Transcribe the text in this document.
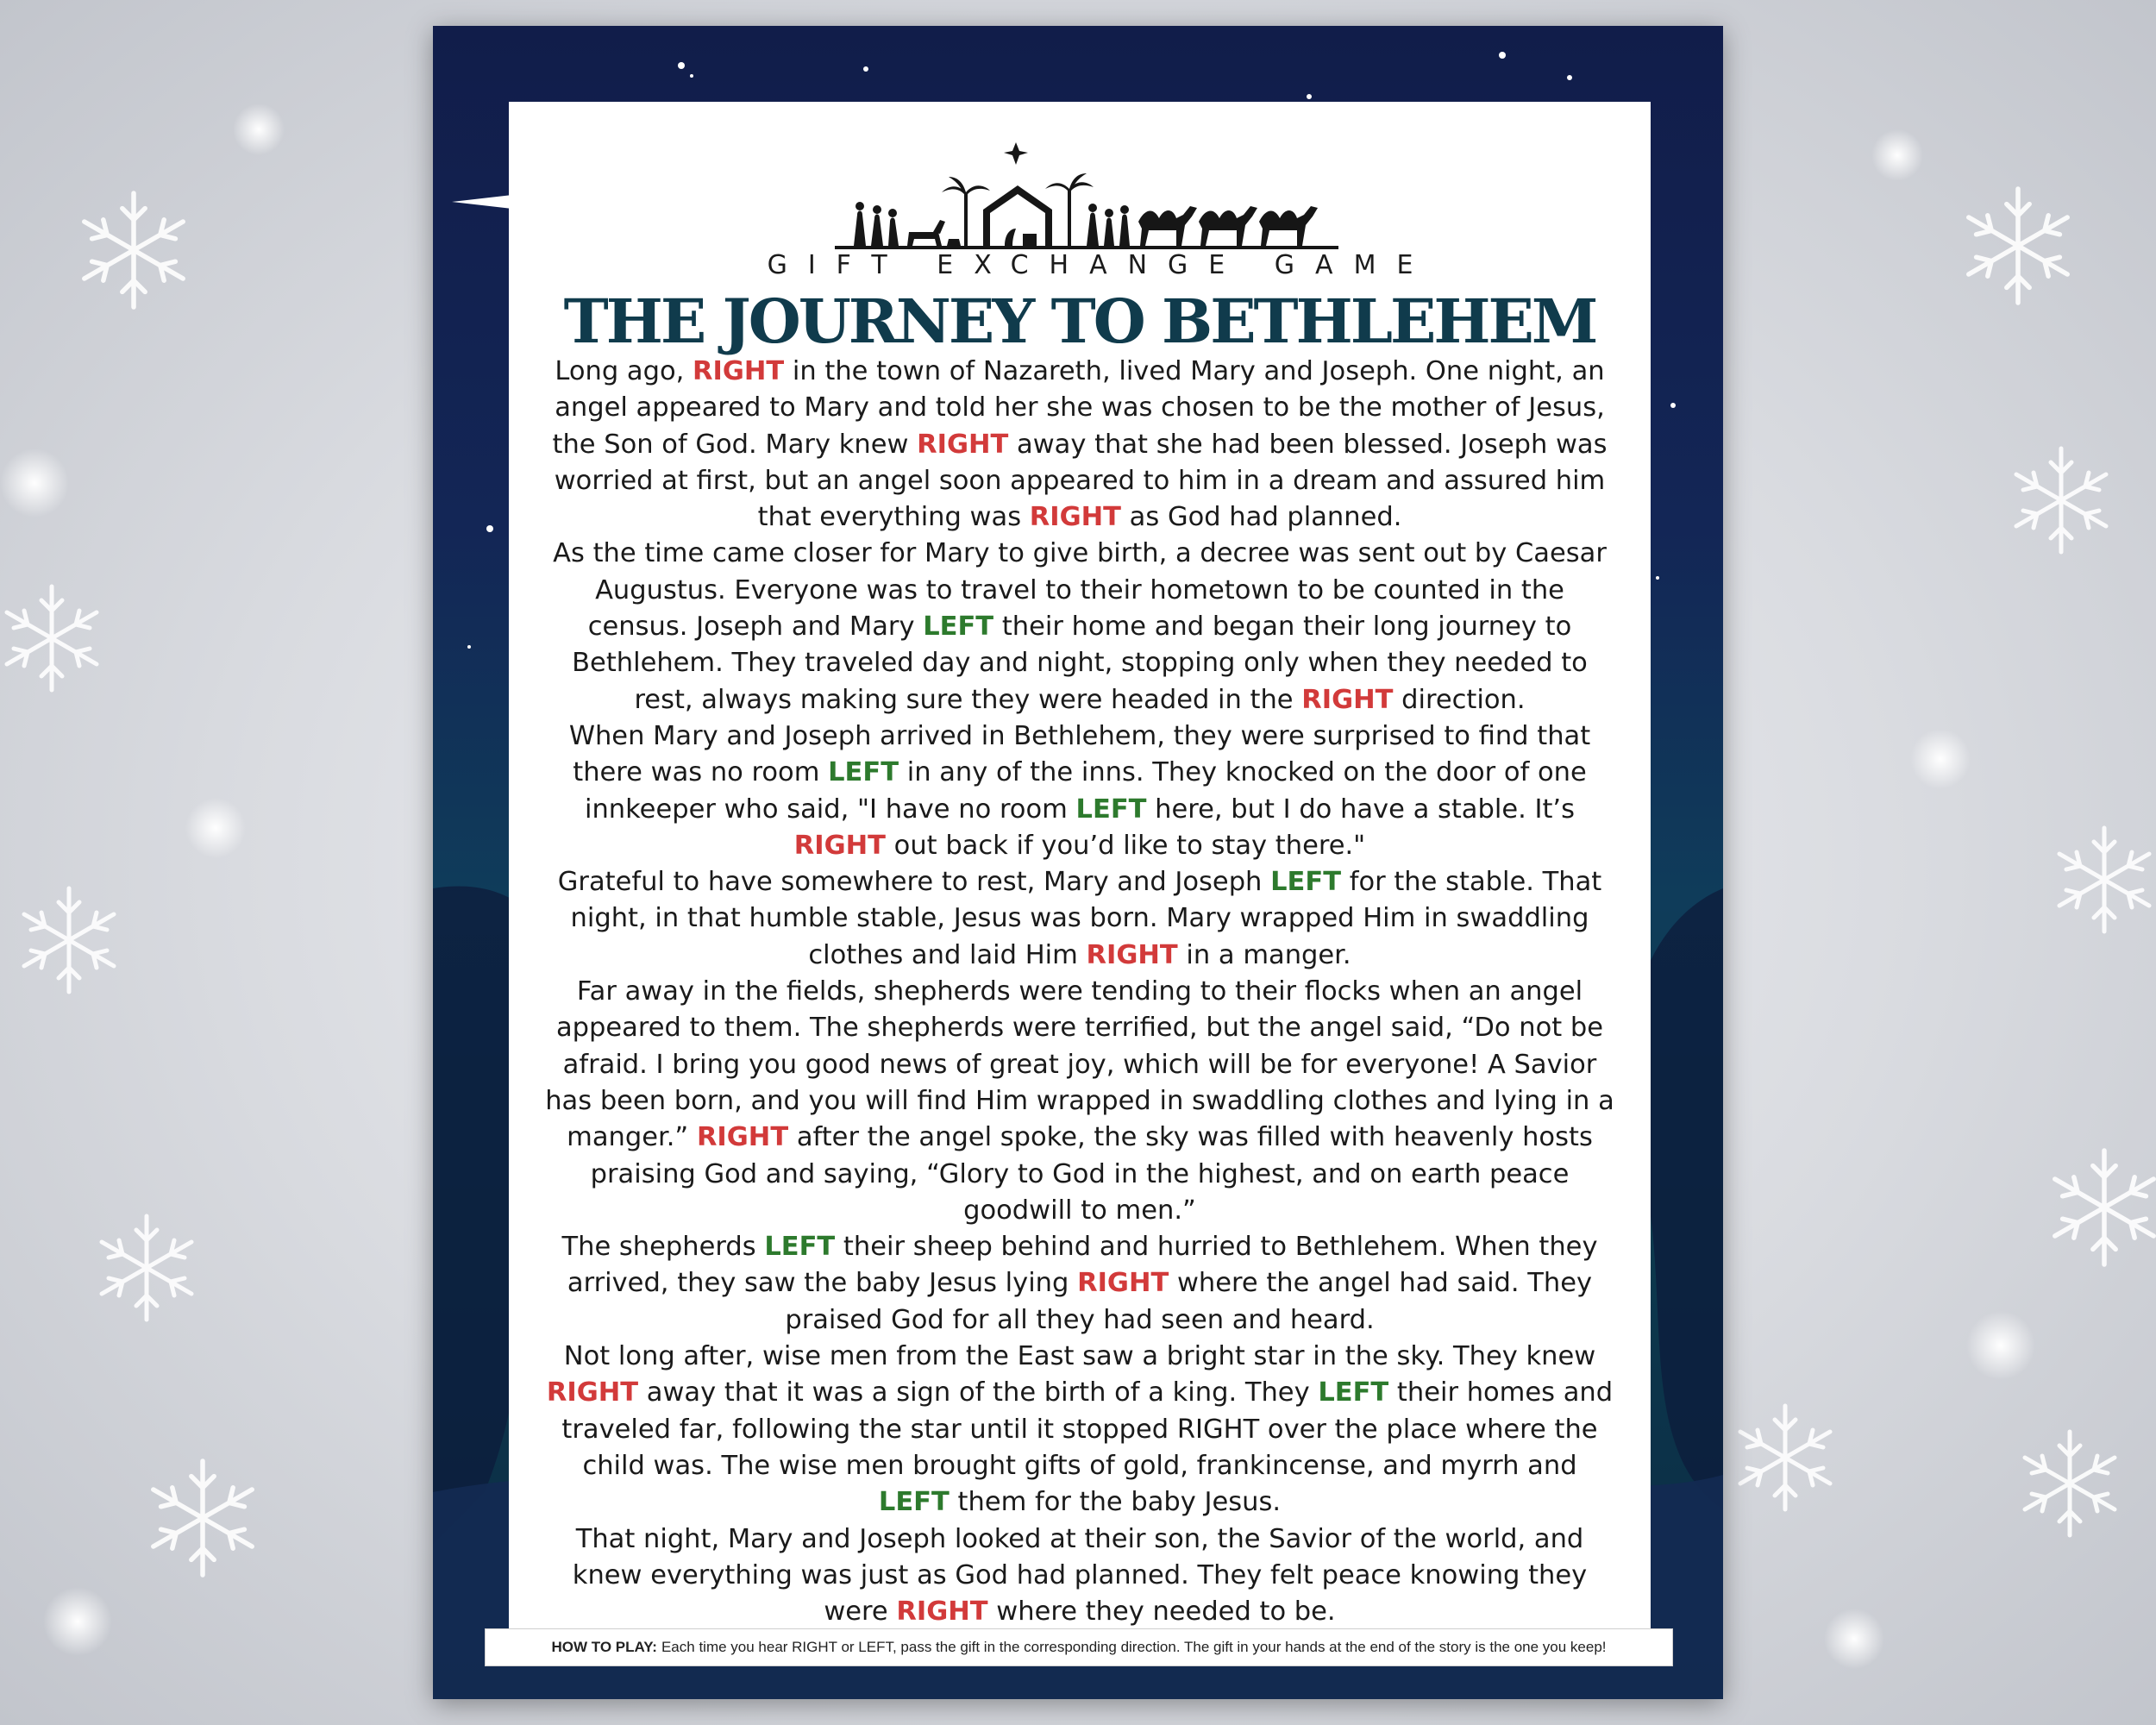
GIFT EXCHANGE GAME
THE JOURNEY TO BETHLEHEM

Long ago, RIGHT in the town of Nazareth, lived Mary and Joseph. One night, an angel appeared to Mary and told her she was chosen to be the mother of Jesus, the Son of God. Mary knew RIGHT away that she had been blessed. Joseph was worried at first, but an angel soon appeared to him in a dream and assured him that everything was RIGHT as God had planned.

As the time came closer for Mary to give birth, a decree was sent out by Caesar Augustus. Everyone was to travel to their hometown to be counted in the census. Joseph and Mary LEFT their home and began their long journey to Bethlehem. They traveled day and night, stopping only when they needed to rest, always making sure they were headed in the RIGHT direction.

When Mary and Joseph arrived in Bethlehem, they were surprised to find that there was no room LEFT in any of the inns. They knocked on the door of one innkeeper who said, "I have no room LEFT here, but I do have a stable. It’s RIGHT out back if you’d like to stay there."

Grateful to have somewhere to rest, Mary and Joseph LEFT for the stable. That night, in that humble stable, Jesus was born. Mary wrapped Him in swaddling clothes and laid Him RIGHT in a manger.

Far away in the fields, shepherds were tending to their flocks when an angel appeared to them. The shepherds were terrified, but the angel said, “Do not be afraid. I bring you good news of great joy, which will be for everyone! A Savior has been born, and you will find Him wrapped in swaddling clothes and lying in a manger.” RIGHT after the angel spoke, the sky was filled with heavenly hosts praising God and saying, “Glory to God in the highest, and on earth peace goodwill to men.”

The shepherds LEFT their sheep behind and hurried to Bethlehem. When they arrived, they saw the baby Jesus lying RIGHT where the angel had said. They praised God for all they had seen and heard.

Not long after, wise men from the East saw a bright star in the sky. They knew RIGHT away that it was a sign of the birth of a king. They LEFT their homes and traveled far, following the star until it stopped RIGHT over the place where the child was. The wise men brought gifts of gold, frankincense, and myrrh and LEFT them for the baby Jesus.

That night, Mary and Joseph looked at their son, the Savior of the world, and knew everything was just as God had planned. They felt peace knowing they were RIGHT where they needed to be.

HOW TO PLAY: Each time you hear RIGHT or LEFT, pass the gift in the corresponding direction. The gift in your hands at the end of the story is the one you keep!
